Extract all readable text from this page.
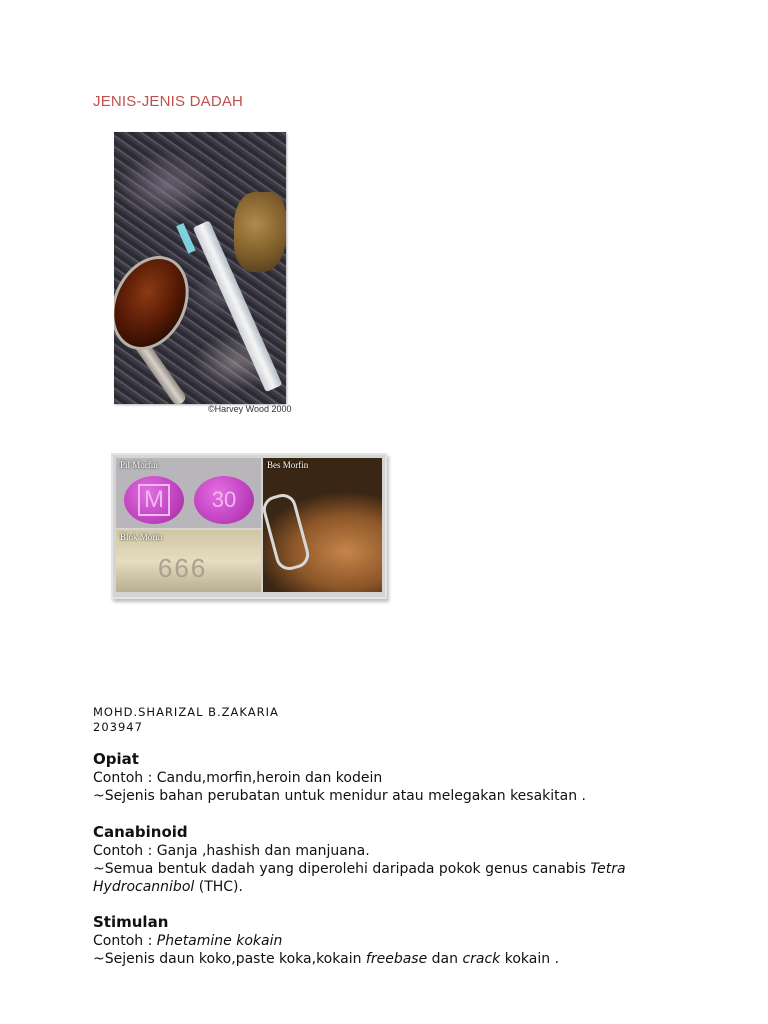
JENIS-JENIS DADAH
©Harvey Wood 2000
M	30
Pil Morfin
999
Blok Morin
Bes Morfin
MOHD.SHARIZAL B.ZAKARIA
203947
Opiat

Contoh : Candu,morfin,heroin dan kodein

~Sejenis bahan perubatan untuk menidur atau melegakan kesakitan .

Canabinoid

Contoh : Ganja ,hashish dan manjuana.

~Semua bentuk dadah yang diperolehi daripada pokok genus canabis Tetra Hydrocannibol (THC).

Stimulan

Contoh : Phetamine kokain

~Sejenis daun koko,paste koka,kokain freebase dan crack kokain .
